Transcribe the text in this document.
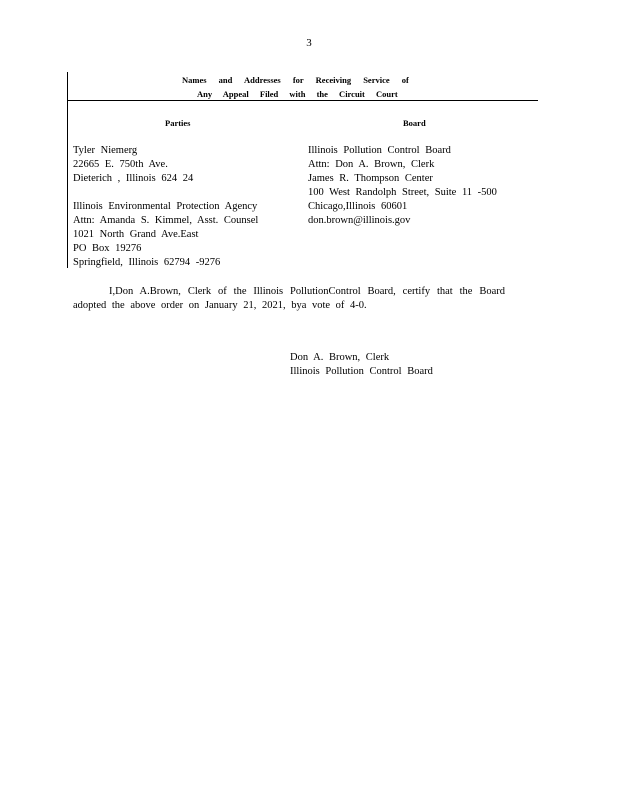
3
Names and Addresses for Receiving Service of
Any Appeal Filed with the Circuit Court
Parties	Board
Tyler Niemerg
22665 E. 750th Ave.
Dieterich , Illinois 624 24
Illinois Environmental Protection Agency
Attn: Amanda S. Kimmel, Asst. Counsel
1021 North Grand Ave.East
PO Box 19276
Springfield, Illinois 62794 -9276
Illinois Pollution Control Board
Attn: Don A. Brown, Clerk
James R. Thompson Center
100 West Randolph Street, Suite 11 -500
Chicago,Illinois 60601
don.brown@illinois.gov
I,Don A.Brown, Clerk of the Illinois PollutionControl Board, certify that the Board adopted the above order on January 21, 2021, bya vote of 4-0.
Don A. Brown, Clerk
Illinois Pollution Control Board
